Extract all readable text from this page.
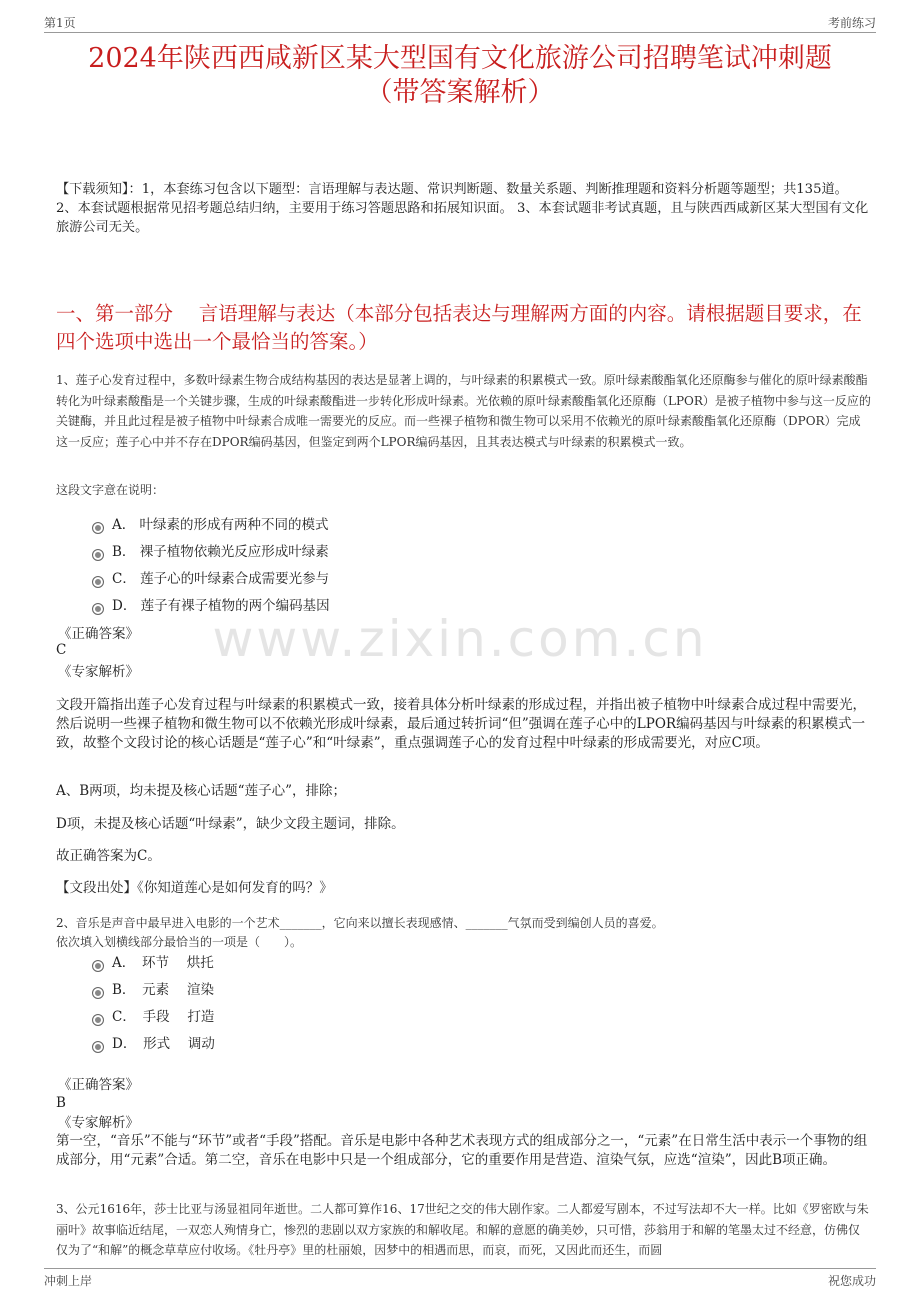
第1页	考前练习
2024年陕西西咸新区某大型国有文化旅游公司招聘笔试冲刺题
（带答案解析）
【下载须知】：1，本套练习包含以下题型：言语理解与表达题、常识判断题、数量关系题、判断推理题和资料分析题等题型；共135道。 2、本套试题根据常见招考题总结归纳，主要用于练习答题思路和拓展知识面。 3、本套试题非考试真题，且与陕西西咸新区某大型国有文化旅游公司无关。
一、第一部分　 言语理解与表达（本部分包括表达与理解两方面的内容。请根据题目要求，在四个选项中选出一个最恰当的答案。）
www.zixin.com.cn
1、莲子心发育过程中，多数叶绿素生物合成结构基因的表达是显著上调的，与叶绿素的积累模式一致。原叶绿素酸酯氧化还原酶参与催化的原叶绿素酸酯转化为叶绿素酸酯是一个关键步骤，生成的叶绿素酸酯进一步转化形成叶绿素。光依赖的原叶绿素酸酯氧化还原酶（LPOR）是被子植物中参与这一反应的关键酶，并且此过程是被子植物中叶绿素合成唯一需要光的反应。而一些裸子植物和微生物可以采用不依赖光的原叶绿素酸酯氧化还原酶（DPOR）完成这一反应；莲子心中并不存在DPOR编码基因，但鉴定到两个LPOR编码基因，且其表达模式与叶绿素的积累模式一致。
这段文字意在说明：
A． 叶绿素的形成有两种不同的模式
B． 裸子植物依赖光反应形成叶绿素
C． 莲子心的叶绿素合成需要光参与
D． 莲子有裸子植物的两个编码基因
《正确答案》
C
《专家解析》
文段开篇指出莲子心发育过程与叶绿素的积累模式一致，接着具体分析叶绿素的形成过程，并指出被子植物中叶绿素合成过程中需要光，然后说明一些裸子植物和微生物可以不依赖光形成叶绿素，最后通过转折词“但”强调在莲子心中的LPOR编码基因与叶绿素的积累模式一致，故整个文段讨论的核心话题是“莲子心”和“叶绿素”，重点强调莲子心的发育过程中叶绿素的形成需要光，对应C项。
A、B两项，均未提及核心话题“莲子心”，排除；
D项，未提及核心话题“叶绿素”，缺少文段主题词，排除。
故正确答案为C。
【文段出处】《你知道莲心是如何发育的吗？》
2、音乐是声音中最早进入电影的一个艺术_______，它向来以擅长表现感情、_______气氛而受到编创人员的喜爱。
依次填入划横线部分最恰当的一项是（　　）。
A．　环节　 烘托
B．　元素　 渲染
C．　手段　 打造
D．　形式　 调动
《正确答案》
B
《专家解析》
第一空，“音乐”不能与“环节”或者“手段”搭配。音乐是电影中各种艺术表现方式的组成部分之一，“元素”在日常生活中表示一个事物的组成部分，用“元素”合适。第二空，音乐在电影中只是一个组成部分，它的重要作用是营造、渲染气氛，应选“渲染”，因此B项正确。
3、公元1616年，莎士比亚与汤显祖同年逝世。二人都可算作16、17世纪之交的伟大剧作家。二人都爱写剧本，不过写法却不大一样。比如《罗密欧与朱丽叶》故事临近结尾，一双恋人殉情身亡，惨烈的悲剧以双方家族的和解收尾。和解的意愿的确美妙，只可惜，莎翁用于和解的笔墨太过不经意，仿佛仅仅为了“和解”的概念草草应付收场。《牡丹亭》里的杜丽娘，因梦中的相遇而思，而哀，而死，又因此而还生，而圆
冲刺上岸	祝您成功
